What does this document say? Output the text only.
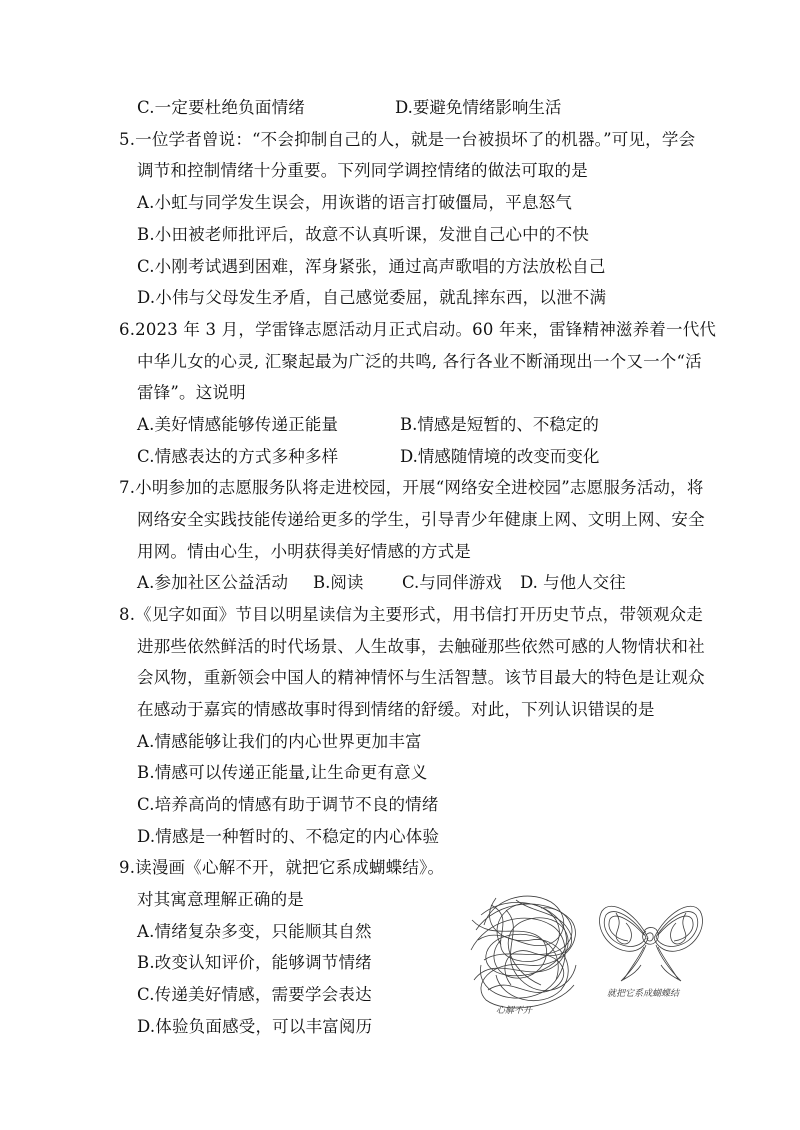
C.一定要杜绝负面情绪	D.要避免情绪影响生活
5.一位学者曾说：“不会抑制自己的人，就是一台被损坏了的机器。”可见，学会
调节和控制情绪十分重要。下列同学调控情绪的做法可取的是
A.小虹与同学发生误会，用诙谐的语言打破僵局，平息怒气
B.小田被老师批评后，故意不认真听课，发泄自己心中的不快
C.小刚考试遇到困难，浑身紧张，通过高声歌唱的方法放松自己
D.小伟与父母发生矛盾，自己感觉委屈，就乱摔东西，以泄不满
6.2023 年 3 月，学雷锋志愿活动月正式启动。60 年来，雷锋精神滋养着一代代
中华儿女的心灵, 汇聚起最为广泛的共鸣, 各行各业不断涌现出一个又一个“活
雷锋”。这说明
A.美好情感能够传递正能量	B.情感是短暂的、不稳定的
C.情感表达的方式多种多样	D.情感随情境的改变而变化
7.小明参加的志愿服务队将走进校园，开展“网络安全进校园”志愿服务活动，将
网络安全实践技能传递给更多的学生，引导青少年健康上网、文明上网、安全
用网。情由心生，小明获得美好情感的方式是
A.参加社区公益活动 B.阅读 C.与同伴游戏 D. 与他人交往
8.《见字如面》节目以明星读信为主要形式，用书信打开历史节点，带领观众走
进那些依然鲜活的时代场景、人生故事，去触碰那些依然可感的人物情状和社
会风物，重新领会中国人的精神情怀与生活智慧。该节目最大的特色是让观众
在感动于嘉宾的情感故事时得到情绪的舒缓。对此，下列认识错误的是
A.情感能够让我们的内心世界更加丰富
B.情感可以传递正能量,让生命更有意义
C.培养高尚的情感有助于调节不良的情绪
D.情感是一种暂时的、不稳定的内心体验
9.读漫画《心解不开，就把它系成蝴蝶结》。
对其寓意理解正确的是
A.情绪复杂多变，只能顺其自然
B.改变认知评价，能够调节情绪
C.传递美好情感，需要学会表达
D.体验负面感受，可以丰富阅历
心解不开
就把它系成蝴蝶结
